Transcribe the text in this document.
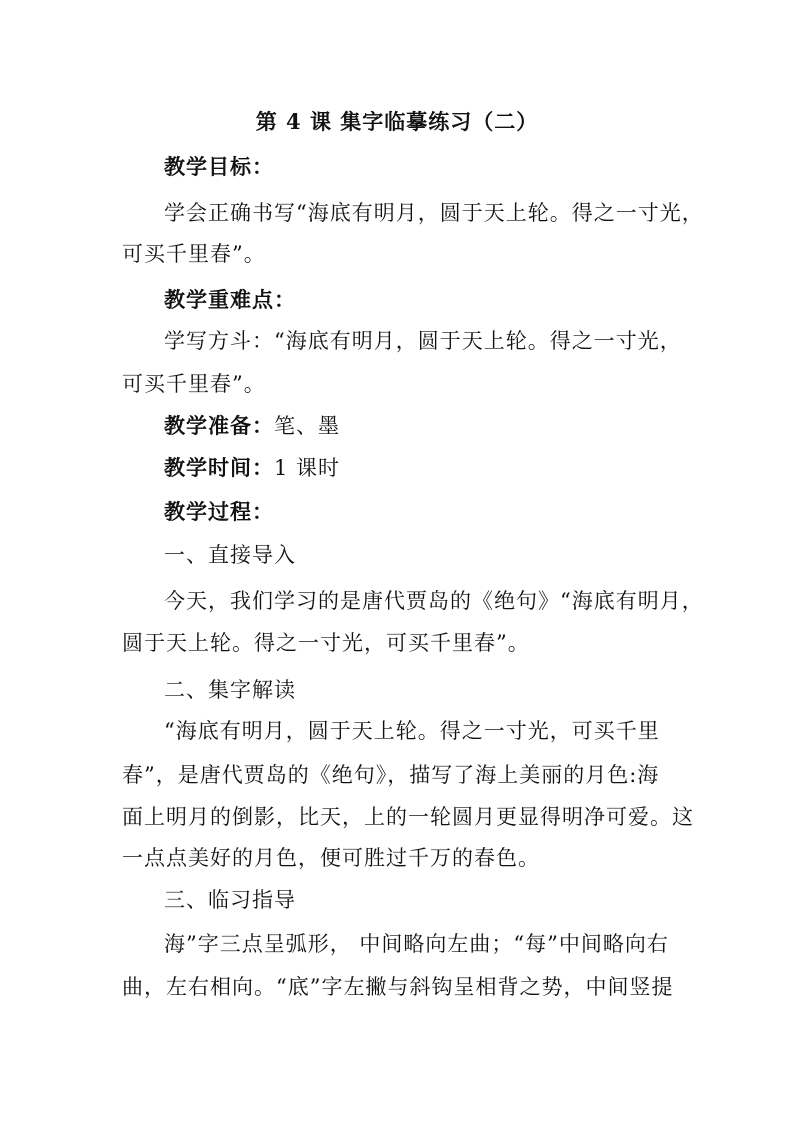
第 4 课 集字临摹练习（二）
教学目标：
学会正确书写“海底有明月，圆于天上轮。得之一寸光，
可买千里春”。
教学重难点：
学写方斗：“海底有明月，圆于天上轮。得之一寸光，
可买千里春”。
教学准备：笔、墨
教学时间：1 课时
教学过程：
一、直接导入
今天，我们学习的是唐代贾岛的《绝句》“海底有明月，
圆于天上轮。得之一寸光，可买千里春”。
二、集字解读
“海底有明月，圆于天上轮。得之一寸光，可买千里
春”，是唐代贾岛的《绝句》，描写了海上美丽的月色:海
面上明月的倒影，比天，上的一轮圆月更显得明净可爱。这
一点点美好的月色，便可胜过千万的春色。
三、临习指导
海”字三点呈弧形， 中间略向左曲；“每”中间略向右
曲，左右相向。“底”字左撇与斜钩呈相背之势，中间竖提
